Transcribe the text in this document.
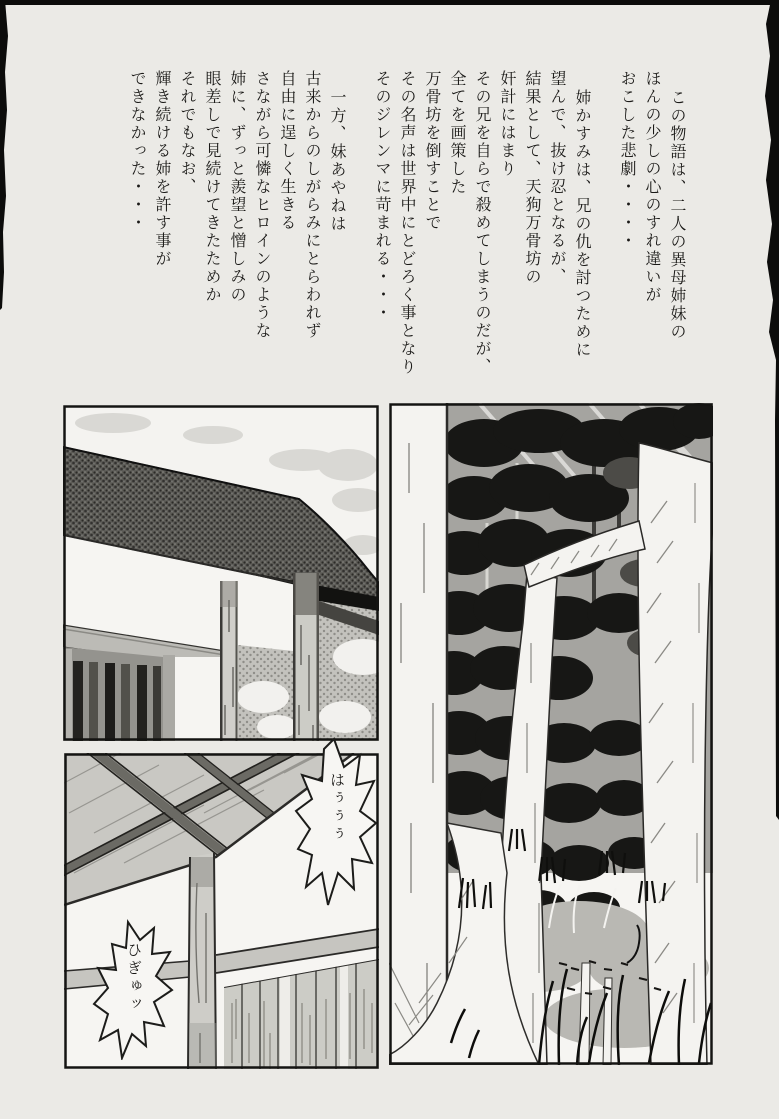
この物語は、二人の異母姉妹の
ほんの少しの心のすれ違いが
おこした悲劇・・・・
姉かすみは、兄の仇を討つために
望んで、抜け忍となるが、
結果として、天狗万骨坊の
奸計にはまり
その兄を自らで殺めてしまうのだが、
全てを画策した
万骨坊を倒すことで
その名声は世界中にとどろく事となり
そのジレンマに苛まれる・・・
一方、妹あやねは
古来からのしがらみにとらわれず
自由に逞しく生きる
さながら可憐なヒロインのような
姉に、ずっと羨望と憎しみの
眼差しで見続けてきたためか
それでもなお、
輝き続ける姉を許す事が
できなかった・・・
はぅぅぅ
ひぎゅッ
